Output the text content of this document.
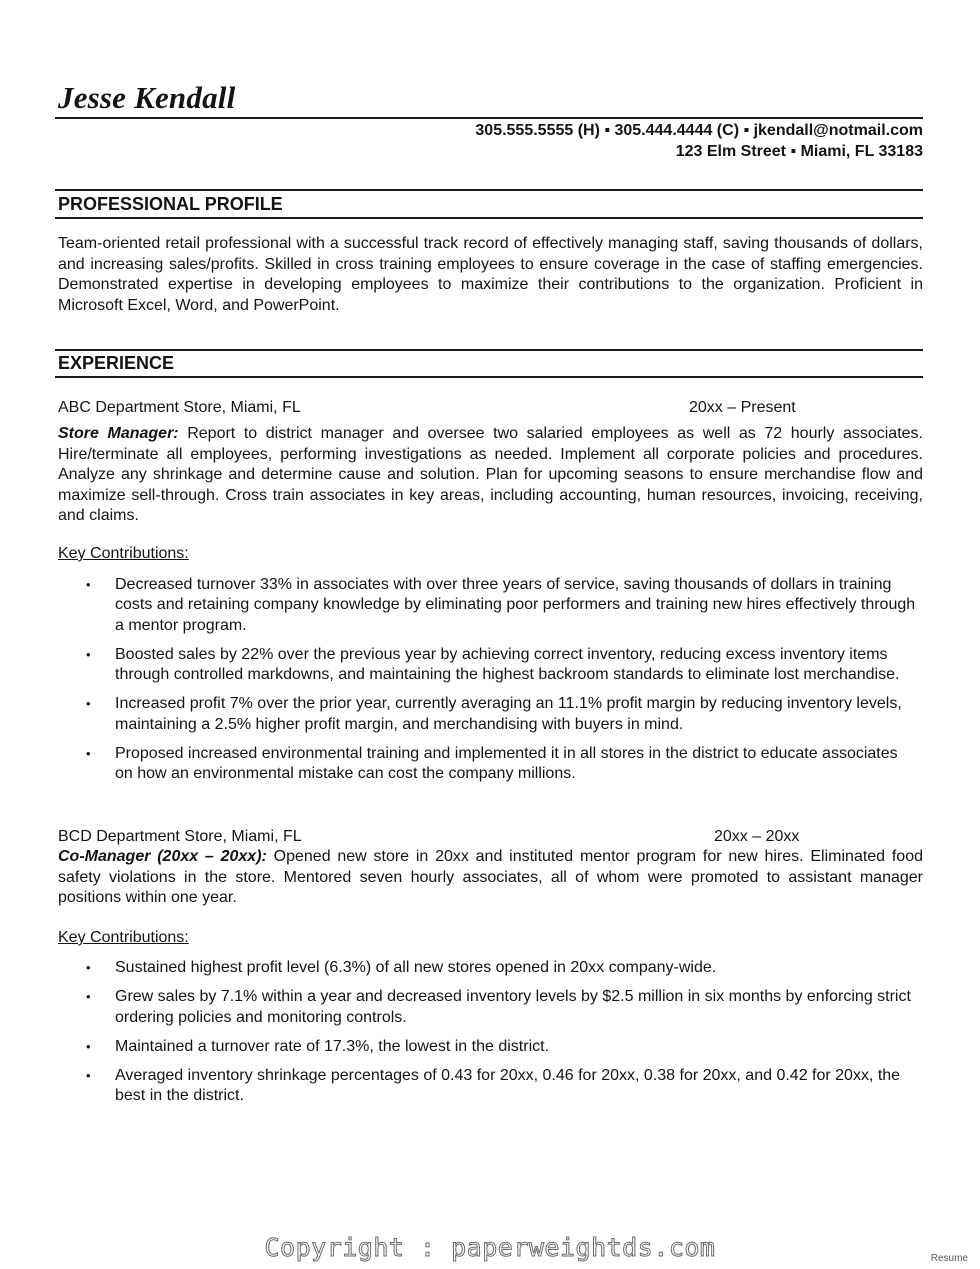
Jesse Kendall
305.555.5555 (H) ▪ 305.444.4444 (C) ▪ jkendall@notmail.com
123 Elm Street ▪ Miami, FL 33183
PROFESSIONAL PROFILE

Team-oriented retail professional with a successful track record of effectively managing staff, saving thousands of dollars, and increasing sales/profits. Skilled in cross training employees to ensure coverage in the case of staffing emergencies. Demonstrated expertise in developing employees to maximize their contributions to the organization. Proficient in Microsoft Excel, Word, and PowerPoint.

EXPERIENCE
ABC Department Store, Miami, FL	20xx – Present

Store Manager: Report to district manager and oversee two salaried employees as well as 72 hourly associates. Hire/terminate all employees, performing investigations as needed. Implement all corporate policies and procedures. Analyze any shrinkage and determine cause and solution. Plan for upcoming seasons to ensure merchandise flow and maximize sell-through. Cross train associates in key areas, including accounting, human resources, invoicing, receiving, and claims.

Key Contributions:

• Decreased turnover 33% in associates with over three years of service, saving thousands of dollars in training costs and retaining company knowledge by eliminating poor performers and training new hires effectively through a mentor program.
• Boosted sales by 22% over the previous year by achieving correct inventory, reducing excess inventory items through controlled markdowns, and maintaining the highest backroom standards to eliminate lost merchandise.
• Increased profit 7% over the prior year, currently averaging an 11.1% profit margin by reducing inventory levels, maintaining a 2.5% higher profit margin, and merchandising with buyers in mind.
• Proposed increased environmental training and implemented it in all stores in the district to educate associates on how an environmental mistake can cost the company millions.
BCD Department Store, Miami, FL	20xx – 20xx

Co-Manager (20xx – 20xx): Opened new store in 20xx and instituted mentor program for new hires. Eliminated food safety violations in the store. Mentored seven hourly associates, all of whom were promoted to assistant manager positions within one year.

Key Contributions:

• Sustained highest profit level (6.3%) of all new stores opened in 20xx company-wide.
• Grew sales by 7.1% within a year and decreased inventory levels by $2.5 million in six months by enforcing strict ordering policies and monitoring controls.
• Maintained a turnover rate of 17.3%, the lowest in the district.
• Averaged inventory shrinkage percentages of 0.43 for 20xx, 0.46 for 20xx, 0.38 for 20xx, and 0.42 for 20xx, the best in the district.
Copyright : paperweightds.com	Resume
